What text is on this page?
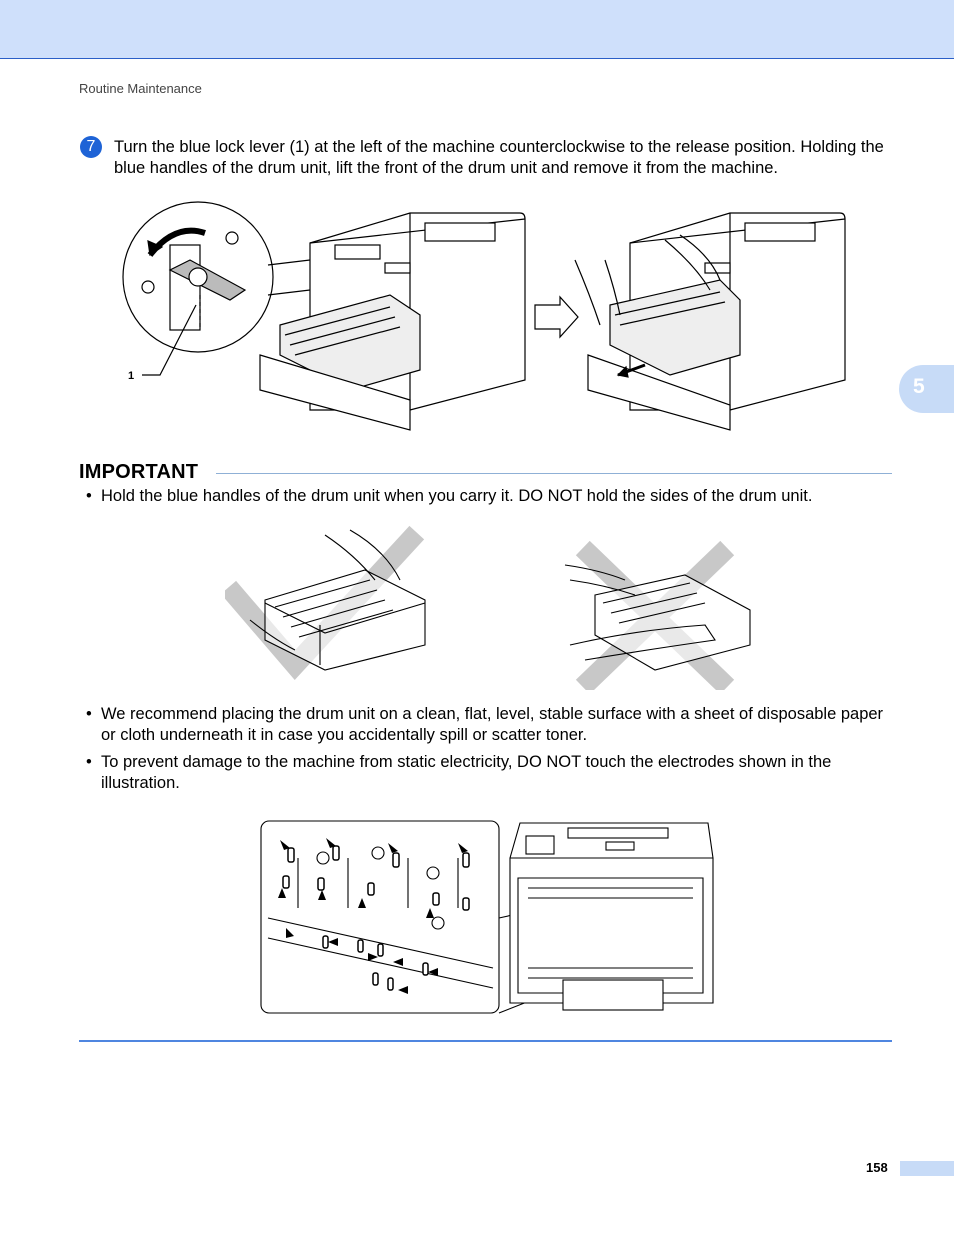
Routine Maintenance
5
7	Turn the blue lock lever (1) at the left of the machine counterclockwise to the release position. Holding the blue handles of the drum unit, lift the front of the drum unit and remove it from the machine.
1
IMPORTANT
• Hold the blue handles of the drum unit when you carry it. DO NOT hold the sides of the drum unit.
• We recommend placing the drum unit on a clean, flat, level, stable surface with a sheet of disposable paper or cloth underneath it in case you accidentally spill or scatter toner.
• To prevent damage to the machine from static electricity, DO NOT touch the electrodes shown in the illustration.
158
